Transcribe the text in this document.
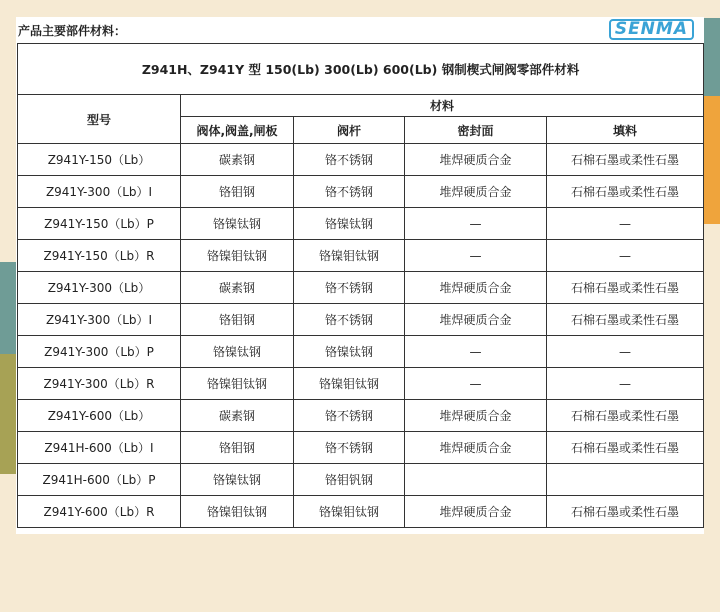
产品主要部件材料：	SENMA
Z941H、Z941Y 型 150(Lb) 300(Lb) 600(Lb) 钢制楔式闸阀零部件材料				
型号	材料			
	阀体,阀盖,闸板	阀杆	密封面	填料
Z941Y-150（Lb）	碳素钢	铬不锈钢	堆焊硬质合金	石棉石墨或柔性石墨
Z941Y-300（Lb）I	铬钼钢	铬不锈钢	堆焊硬质合金	石棉石墨或柔性石墨
Z941Y-150（Lb）P	铬镍钛钢	铬镍钛钢	—	—
Z941Y-150（Lb）R	铬镍钼钛钢	铬镍钼钛钢	—	—
Z941Y-300（Lb）	碳素钢	铬不锈钢	堆焊硬质合金	石棉石墨或柔性石墨
Z941Y-300（Lb）I	铬钼钢	铬不锈钢	堆焊硬质合金	石棉石墨或柔性石墨
Z941Y-300（Lb）P	铬镍钛钢	铬镍钛钢	—	—
Z941Y-300（Lb）R	铬镍钼钛钢	铬镍钼钛钢	—	—
Z941Y-600（Lb）	碳素钢	铬不锈钢	堆焊硬质合金	石棉石墨或柔性石墨
Z941H-600（Lb）I	铬钼钢	铬不锈钢	堆焊硬质合金	石棉石墨或柔性石墨
Z941H-600（Lb）P	铬镍钛钢	铬钼钒钢		
Z941Y-600（Lb）R	铬镍钼钛钢	铬镍钼钛钢	堆焊硬质合金	石棉石墨或柔性石墨
